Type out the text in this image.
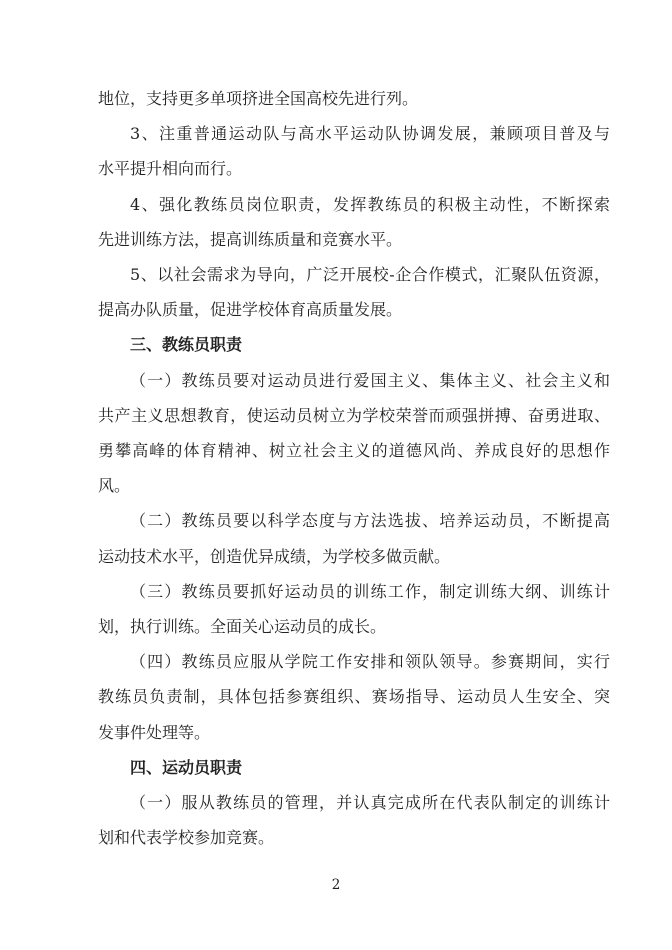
地位，支持更多单项挤进全国高校先进行列。
3、注重普通运动队与高水平运动队协调发展，兼顾项目普及与
水平提升相向而行。
4、强化教练员岗位职责，发挥教练员的积极主动性，不断探索
先进训练方法，提高训练质量和竞赛水平。
5、以社会需求为导向，广泛开展校-企合作模式，汇聚队伍资源，
提高办队质量，促进学校体育高质量发展。
三、教练员职责
（一）教练员要对运动员进行爱国主义、集体主义、社会主义和
共产主义思想教育，使运动员树立为学校荣誉而顽强拼搏、奋勇进取、
勇攀高峰的体育精神、树立社会主义的道德风尚、养成良好的思想作
风。
（二）教练员要以科学态度与方法选拔、培养运动员，不断提高
运动技术水平，创造优异成绩，为学校多做贡献。
（三）教练员要抓好运动员的训练工作，制定训练大纲、训练计
划，执行训练。全面关心运动员的成长。
（四）教练员应服从学院工作安排和领队领导。参赛期间，实行
教练员负责制，具体包括参赛组织、赛场指导、运动员人生安全、突
发事件处理等。
四、运动员职责
（一）服从教练员的管理，并认真完成所在代表队制定的训练计
划和代表学校参加竞赛。
2
